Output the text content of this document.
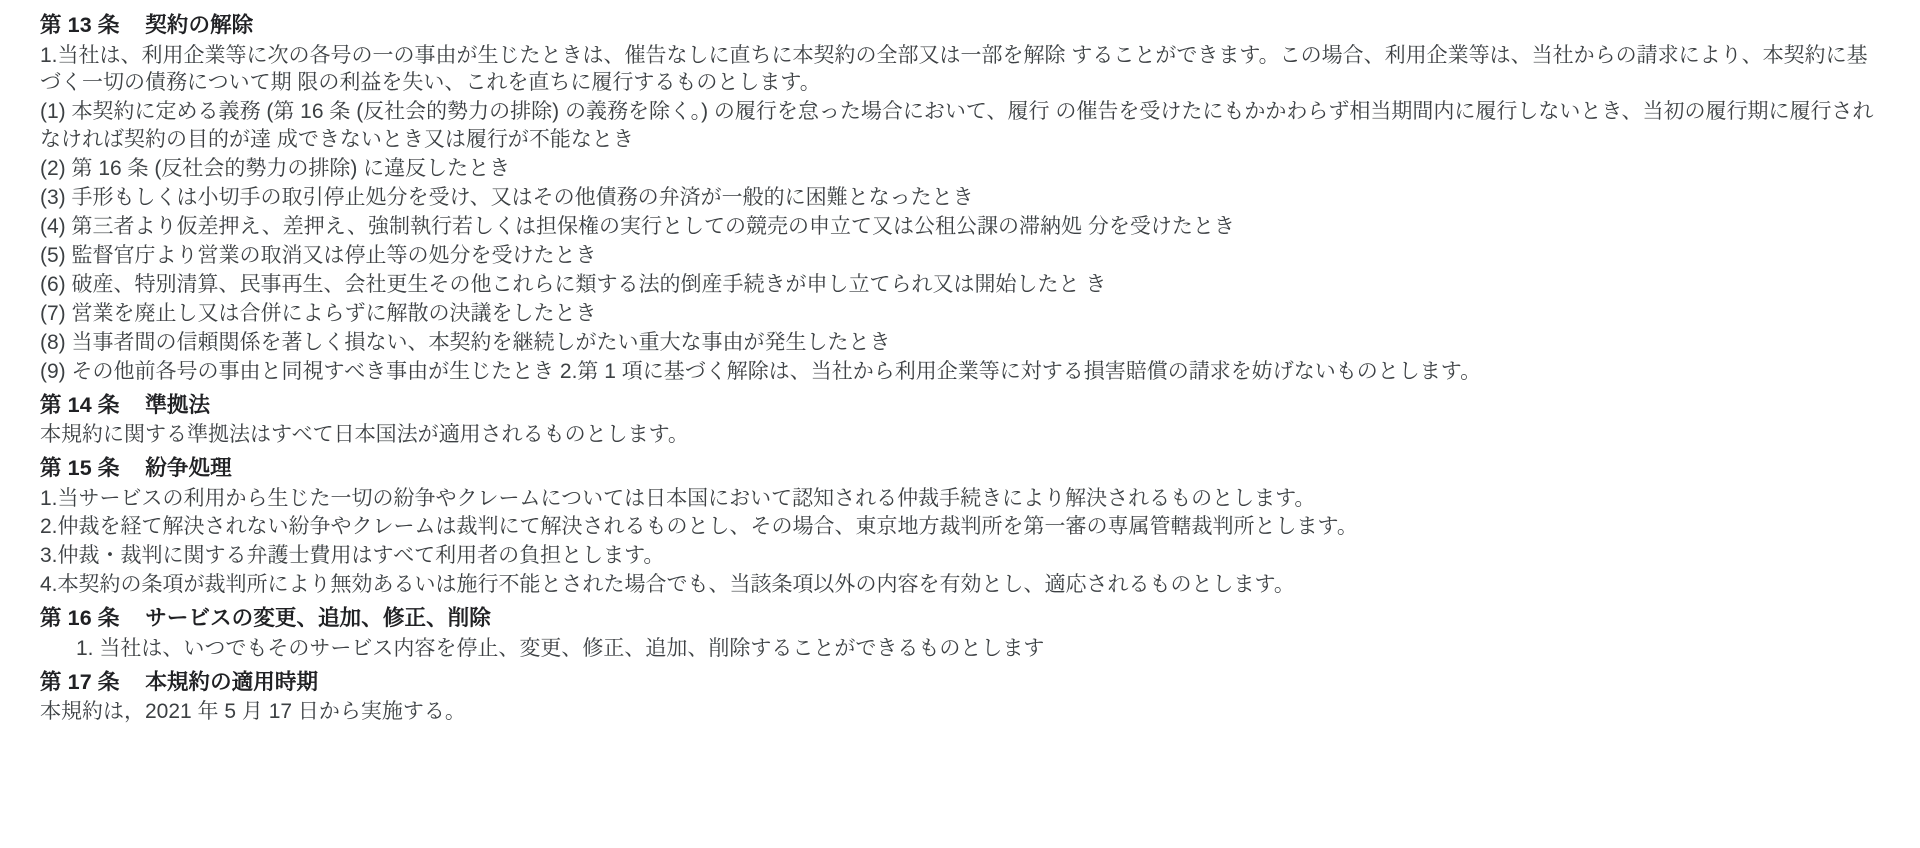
第 13 条 契約の解除

1.当社は、利用企業等に次の各号の一の事由が生じたときは、催告なしに直ちに本契約の全部又は一部を解除 することができます。この場合、利用企業等は、当社からの請求により、本契約に基づく一切の債務について期 限の利益を失い、これを直ちに履行するものとします。

(1) 本契約に定める義務 (第 16 条 (反社会的勢力の排除) の義務を除く。) の履行を怠った場合において、履行 の催告を受けたにもかかわらず相当期間内に履行しないとき、当初の履行期に履行されなければ契約の目的が達 成できないとき又は履行が不能なとき

(2) 第 16 条 (反社会的勢力の排除) に違反したとき

(3) 手形もしくは小切手の取引停止処分を受け、又はその他債務の弁済が一般的に困難となったとき

(4) 第三者より仮差押え、差押え、強制執行若しくは担保権の実行としての競売の申立て又は公租公課の滞納処 分を受けたとき

(5) 監督官庁より営業の取消又は停止等の処分を受けたとき

(6) 破産、特別清算、民事再生、会社更生その他これらに類する法的倒産手続きが申し立てられ又は開始したと き

(7) 営業を廃止し又は合併によらずに解散の決議をしたとき

(8) 当事者間の信頼関係を著しく損ない、本契約を継続しがたい重大な事由が発生したとき

(9) その他前各号の事由と同視すべき事由が生じたとき 2.第 1 項に基づく解除は、当社から利用企業等に対する損害賠償の請求を妨げないものとします。

第 14 条 準拠法

本規約に関する準拠法はすべて日本国法が適用されるものとします。

第 15 条 紛争処理

1.当サービスの利用から生じた一切の紛争やクレームについては日本国において認知される仲裁手続きにより解決されるものとします。

2.仲裁を経て解決されない紛争やクレームは裁判にて解決されるものとし、その場合、東京地方裁判所を第一審の専属管轄裁判所とします。

3.仲裁・裁判に関する弁護士費用はすべて利用者の負担とします。

4.本契約の条項が裁判所により無効あるいは施行不能とされた場合でも、当該条項以外の内容を有効とし、適応されるものとします。

第 16 条 サービスの変更、追加、修正、削除

1. 当社は、いつでもそのサービス内容を停止、変更、修正、追加、削除することができるものとします

第 17 条 本規約の適用時期

本規約は，2021 年 5 月 17 日から実施する。
